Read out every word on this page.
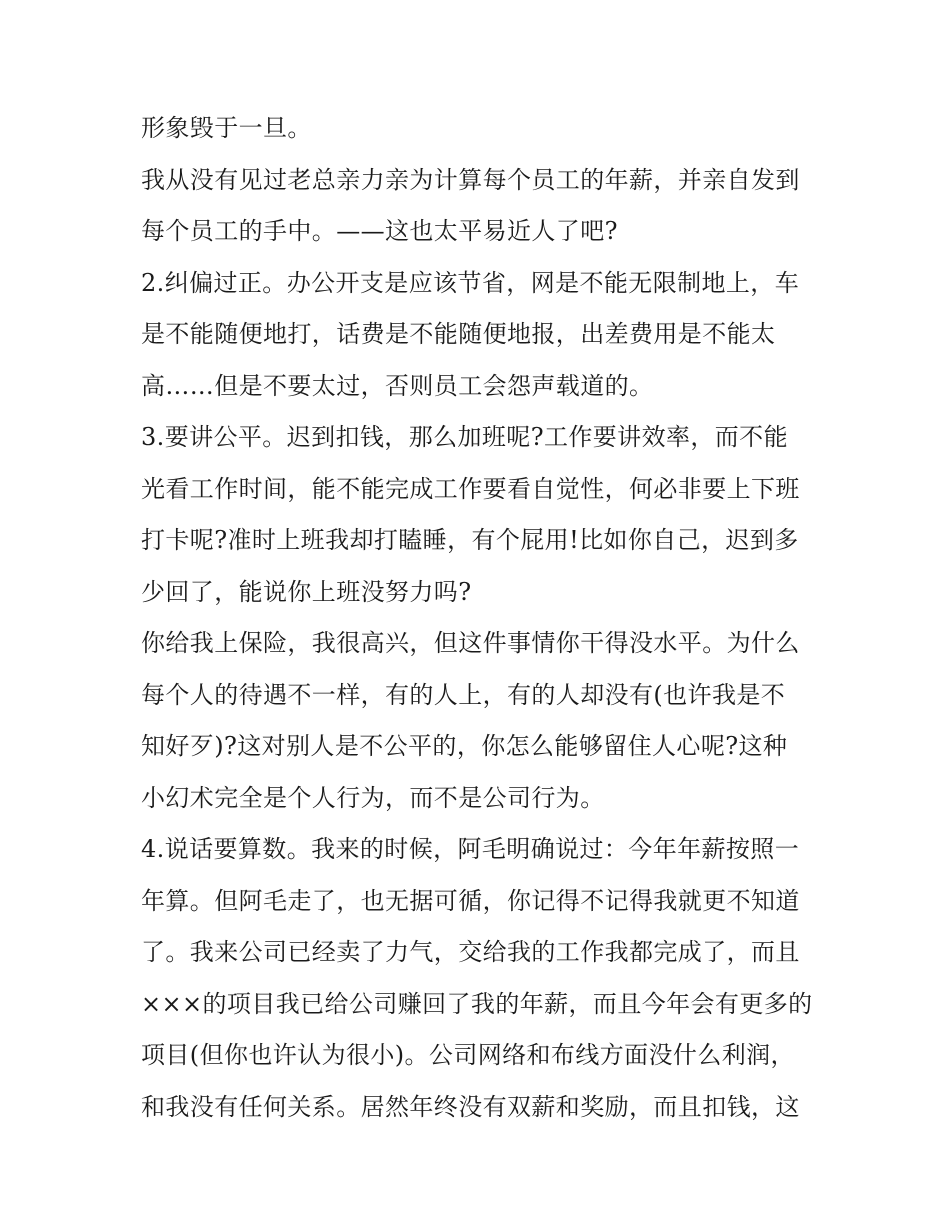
形象毁于一旦。
我从没有见过老总亲力亲为计算每个员工的年薪，并亲自发到
每个员工的手中。——这也太平易近人了吧?
2.纠偏过正。办公开支是应该节省，网是不能无限制地上，车
是不能随便地打，话费是不能随便地报，出差费用是不能太
高……但是不要太过，否则员工会怨声载道的。
3.要讲公平。迟到扣钱，那么加班呢?工作要讲效率，而不能
光看工作时间，能不能完成工作要看自觉性，何必非要上下班
打卡呢?准时上班我却打瞌睡，有个屁用!比如你自己，迟到多
少回了，能说你上班没努力吗?
你给我上保险，我很高兴，但这件事情你干得没水平。为什么
每个人的待遇不一样，有的人上，有的人却没有(也许我是不
知好歹)?这对别人是不公平的，你怎么能够留住人心呢?这种
小幻术完全是个人行为，而不是公司行为。
4.说话要算数。我来的时候，阿毛明确说过：今年年薪按照一
年算。但阿毛走了，也无据可循，你记得不记得我就更不知道
了。我来公司已经卖了力气，交给我的工作我都完成了，而且
×××的项目我已给公司赚回了我的年薪，而且今年会有更多的
项目(但你也许认为很小)。公司网络和布线方面没什么利润，
和我没有任何关系。居然年终没有双薪和奖励，而且扣钱，这
